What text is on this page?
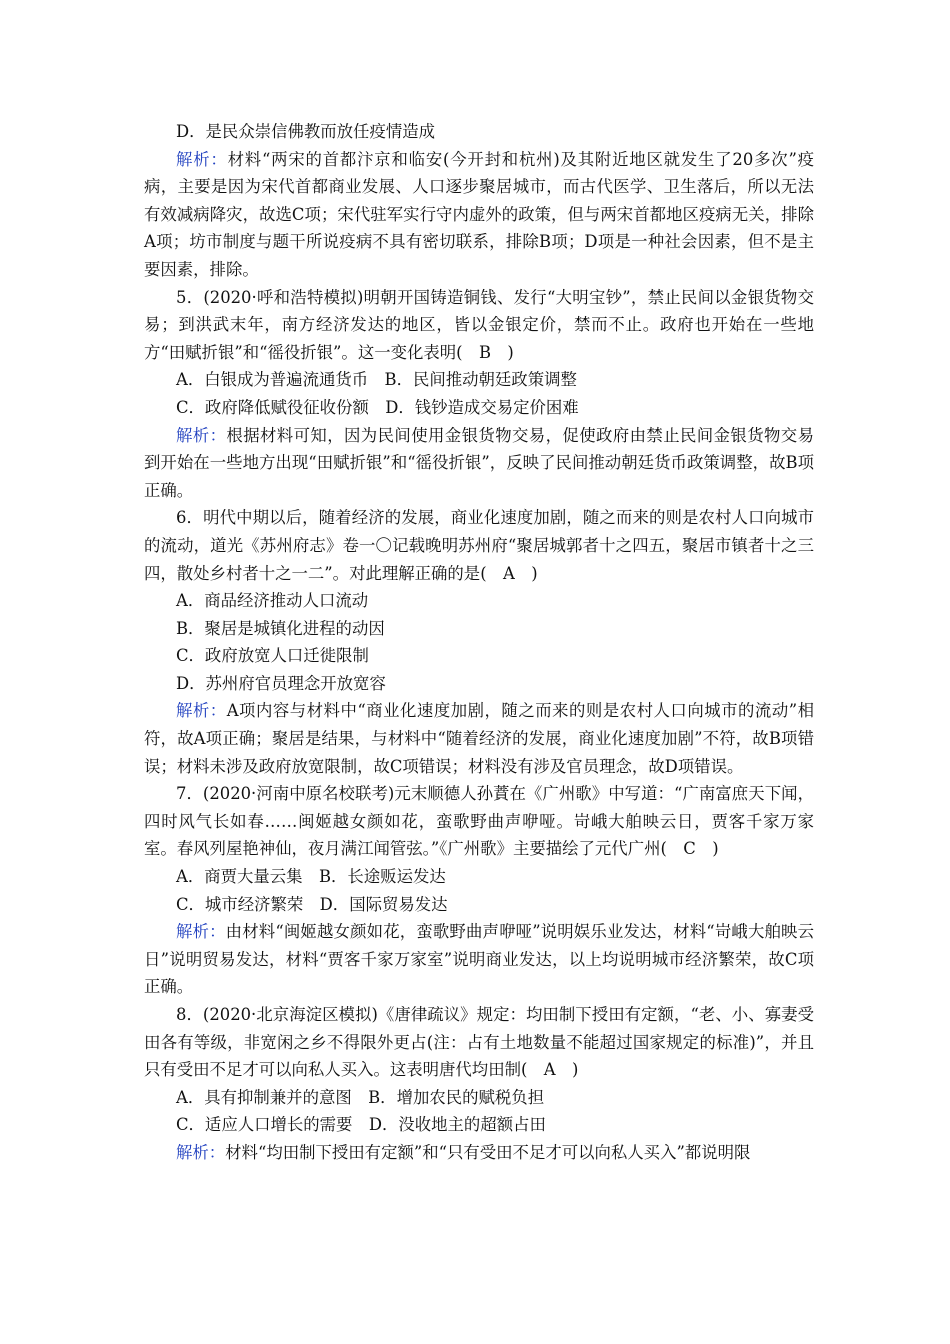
D．是民众崇信佛教而放任疫情造成

解析：材料“两宋的首都汴京和临安(今开封和杭州)及其附近地区就发生了20多次”疫病，主要是因为宋代首都商业发展、人口逐步聚居城市，而古代医学、卫生落后，所以无法有效减病降灾，故选C项；宋代驻军实行守内虚外的政策，但与两宋首都地区疫病无关，排除A项；坊市制度与题干所说疫病不具有密切联系，排除B项；D项是一种社会因素，但不是主要因素，排除。

5．(2020·呼和浩特模拟)明朝开国铸造铜钱、发行“大明宝钞”，禁止民间以金银货物交易；到洪武末年，南方经济发达的地区，皆以金银定价，禁而不止。政府也开始在一些地方“田赋折银”和“徭役折银”。这一变化表明(　B　)

A．白银成为普遍流通货币　B．民间推动朝廷政策调整

C．政府降低赋役征收份额　D．钱钞造成交易定价困难

解析：根据材料可知，因为民间使用金银货物交易，促使政府由禁止民间金银货物交易到开始在一些地方出现“田赋折银”和“徭役折银”，反映了民间推动朝廷货币政策调整，故B项正确。

6．明代中期以后，随着经济的发展，商业化速度加剧，随之而来的则是农村人口向城市的流动，道光《苏州府志》卷一〇记载晚明苏州府“聚居城郭者十之四五，聚居市镇者十之三四，散处乡村者十之一二”。对此理解正确的是(　A　)

A．商品经济推动人口流动

B．聚居是城镇化进程的动因

C．政府放宽人口迁徙限制

D．苏州府官员理念开放宽容

解析：A项内容与材料中“商业化速度加剧，随之而来的则是农村人口向城市的流动”相符，故A项正确；聚居是结果，与材料中“随着经济的发展，商业化速度加剧”不符，故B项错误；材料未涉及政府放宽限制，故C项错误；材料没有涉及官员理念，故D项错误。

7．(2020·河南中原名校联考)元末顺德人孙蕡在《广州歌》中写道：“广南富庶天下闻，四时风气长如春……闽姬越女颜如花，蛮歌野曲声咿哑。岢峨大舶映云日，贾客千家万家室。春风列屋艳神仙，夜月满江闻管弦。”《广州歌》主要描绘了元代广州(　C　)

A．商贾大量云集　B．长途贩运发达

C．城市经济繁荣　D．国际贸易发达

解析：由材料“闽姬越女颜如花，蛮歌野曲声咿哑”说明娱乐业发达，材料“岢峨大舶映云日”说明贸易发达，材料“贾客千家万家室”说明商业发达，以上均说明城市经济繁荣，故C项正确。

8．(2020·北京海淀区模拟)《唐律疏议》规定：均田制下授田有定额，“老、小、寡妻受田各有等级，非宽闲之乡不得限外更占(注：占有土地数量不能超过国家规定的标准)”，并且只有受田不足才可以向私人买入。这表明唐代均田制(　A　)

A．具有抑制兼并的意图　B．增加农民的赋税负担

C．适应人口增长的需要　D．没收地主的超额占田

解析：材料“均田制下授田有定额”和“只有受田不足才可以向私人买入”都说明限
